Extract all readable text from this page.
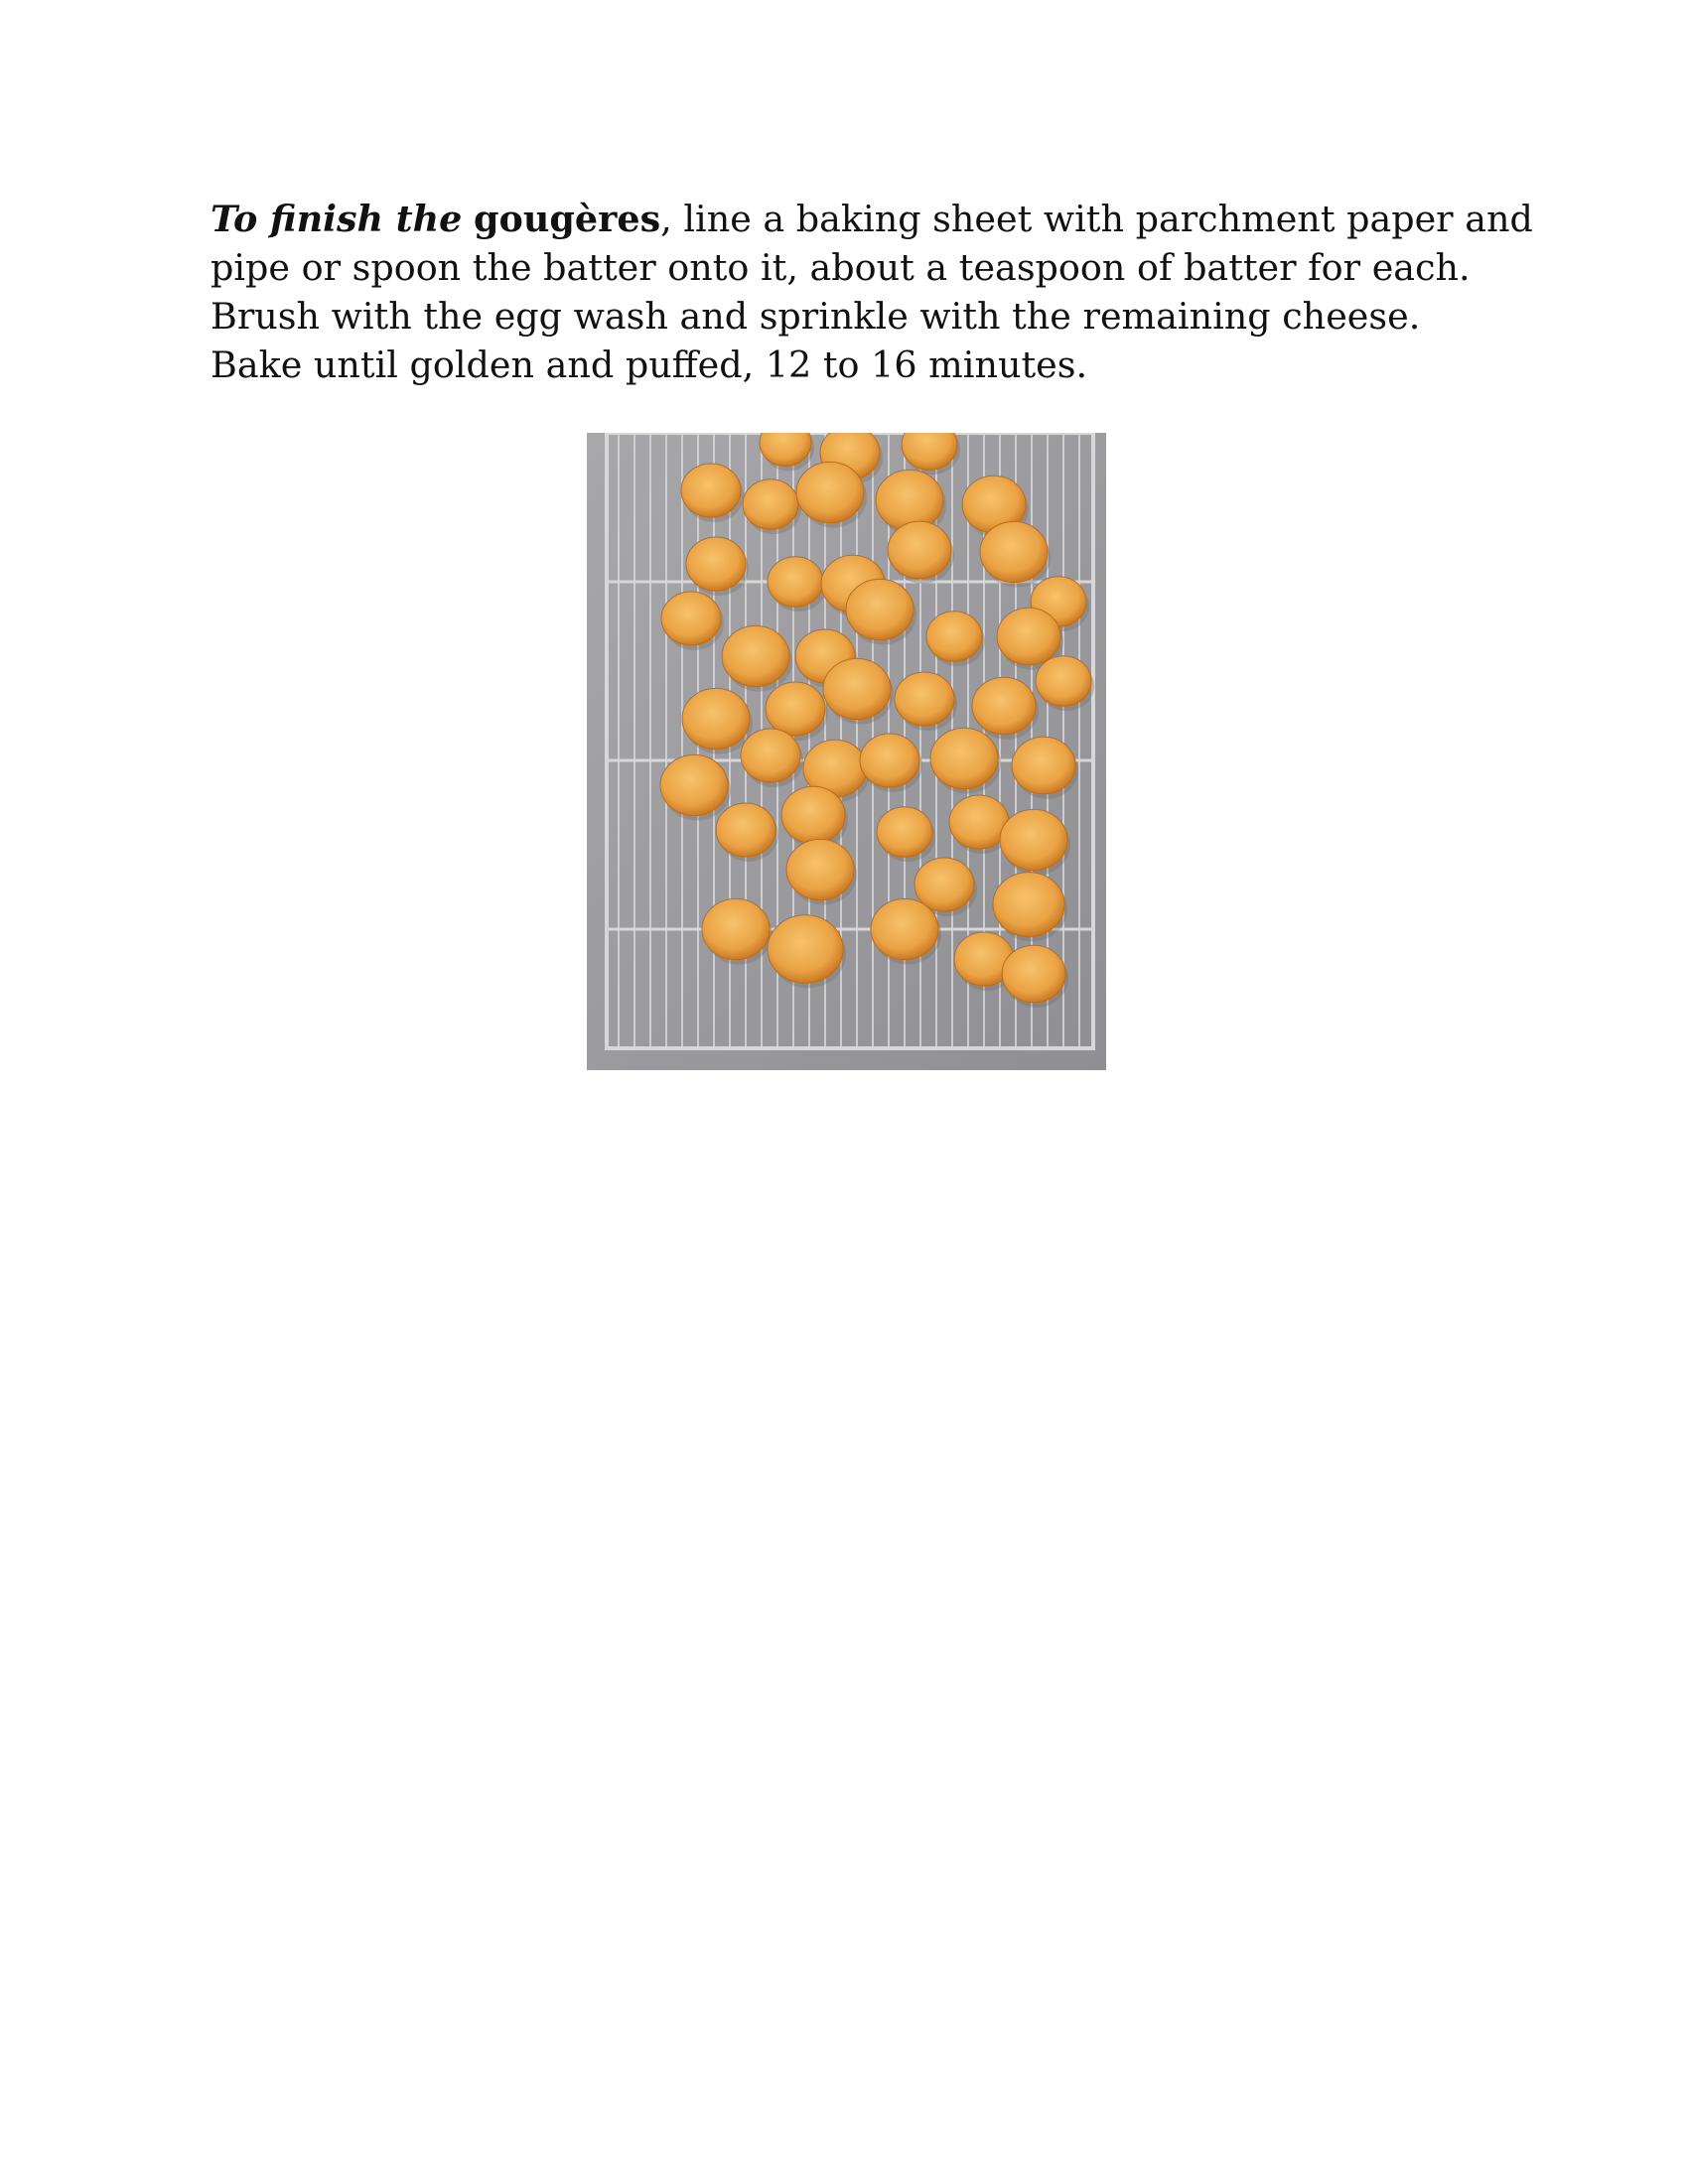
To finish the gougères, line a baking sheet with parchment paper and
pipe or spoon the batter onto it, about a teaspoon of batter for each.
Brush with the egg wash and sprinkle with the remaining cheese.
Bake until golden and puffed, 12 to 16 minutes.
